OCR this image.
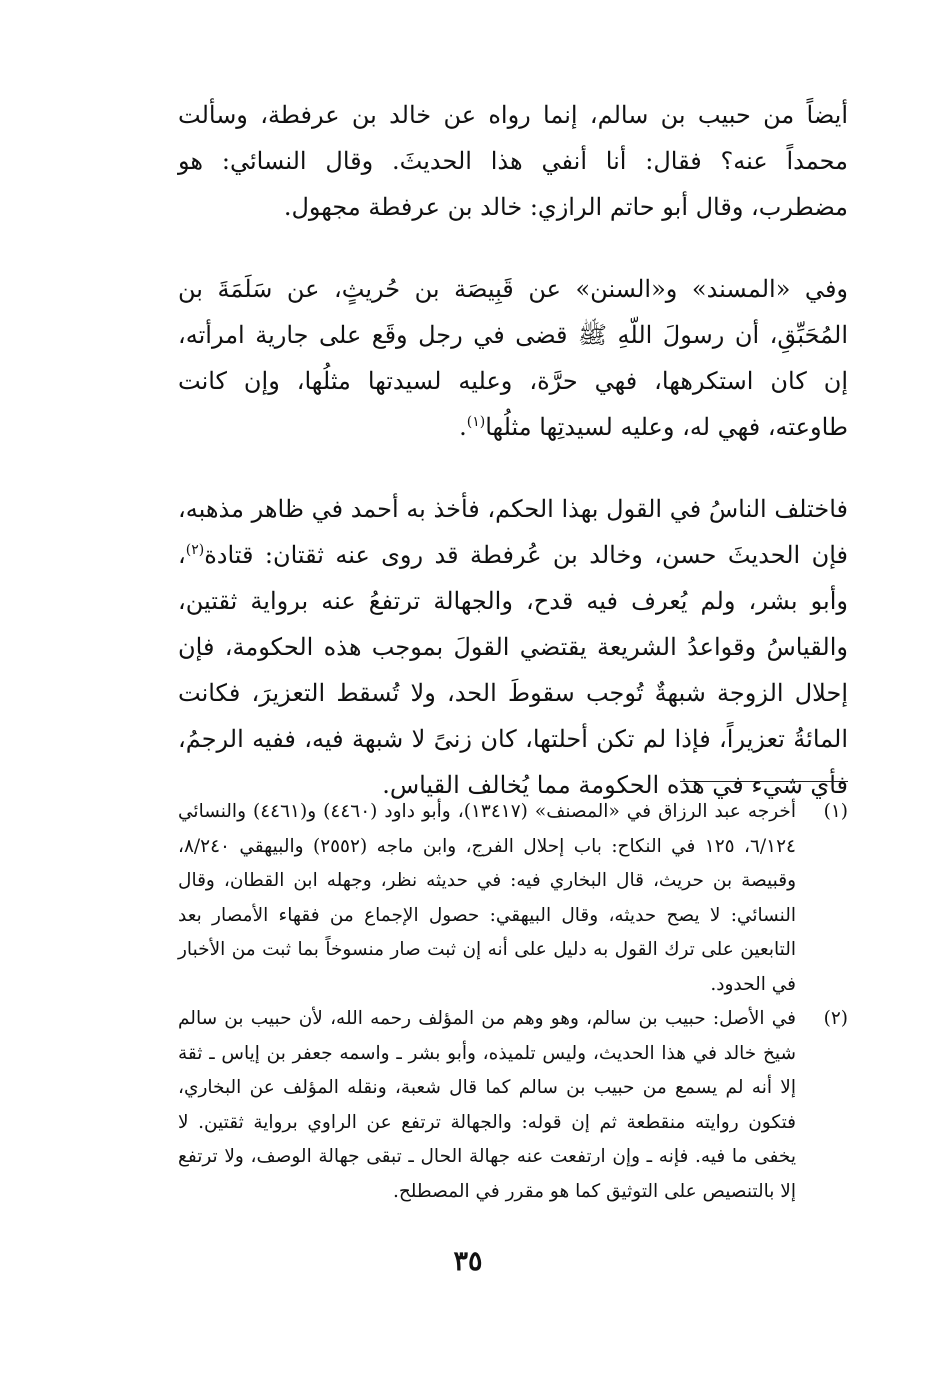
أيضاً من حبيب بن سالم، إنما رواه عن خالد بن عرفطة، وسألت محمداً عنه؟ فقال: أنا أنفي هذا الحديثَ. وقال النسائي: هو مضطرب، وقال أبو حاتم الرازي: خالد بن عرفطة مجهول.

وفي «المسند» و«السنن» عن قَبِيصَة بن حُريثٍ، عن سَلَمَةَ بن المُحَبِّقِ، أن رسولَ اللّهِ ﷺ قضى في رجل وقَع على جارية امرأته، إن كان استكرهها، فهي حرَّة، وعليه لسيدتها مثلُها، وإن كانت طاوعته، فهي له، وعليه لسيدتِها مثلُها$^{(١)}$.

فاختلف الناسُ في القول بهذا الحكم، فأخذ به أحمد في ظاهر مذهبه، فإن الحديثَ حسن، وخالد بن عُرفطة قد روى عنه ثقتان: قتادة$^{(٢)}$، وأبو بشر، ولم يُعرف فيه قدح، والجهالة ترتفعُ عنه برواية ثقتين، والقياسُ وقواعدُ الشريعة يقتضي القولَ بموجب هذه الحكومة، فإن إحلال الزوجة شبهةٌ تُوجب سقوطَ الحد، ولا تُسقط التعزيرَ، فكانت المائةُ تعزيراً، فإذا لم تكن أحلتها، كان زنىً لا شبهة فيه، ففيه الرجمُ، فأي شيء في هذه الحكومة مما يُخالف القياس.

(١)
أخرجه عبد الرزاق في «المصنف» (١٣٤١٧)، وأبو داود (٤٤٦٠) و(٤٤٦١) والنسائي ٦/١٢٤، ١٢٥ في النكاح: باب إحلال الفرج، وابن ماجه (٢٥٥٢) والبيهقي ٨/٢٤٠، وقبيصة بن حريث، قال البخاري فيه: في حديثه نظر، وجهله ابن القطان، وقال النسائي: لا يصح حديثه، وقال البيهقي: حصول الإجماع من فقهاء الأمصار بعد التابعين على ترك القول به دليل على أنه إن ثبت صار منسوخاً بما ثبت من الأخبار في الحدود.
(٢)
في الأصل: حبيب بن سالم، وهو وهم من المؤلف رحمه الله، لأن حبيب بن سالم شيخ خالد في هذا الحديث، وليس تلميذه، وأبو بشر ـ واسمه جعفر بن إياس ـ ثقة إلا أنه لم يسمع من حبيب بن سالم كما قال شعبة، ونقله المؤلف عن البخاري، فتكون روايته منقطعة ثم إن قوله: والجهالة ترتفع عن الراوي برواية ثقتين. لا يخفى ما فيه. فإنه ـ وإن ارتفعت عنه جهالة الحال ـ تبقى جهالة الوصف، ولا ترتفع إلا بالتنصيص على التوثيق كما هو مقرر في المصطلح.
٣٥
